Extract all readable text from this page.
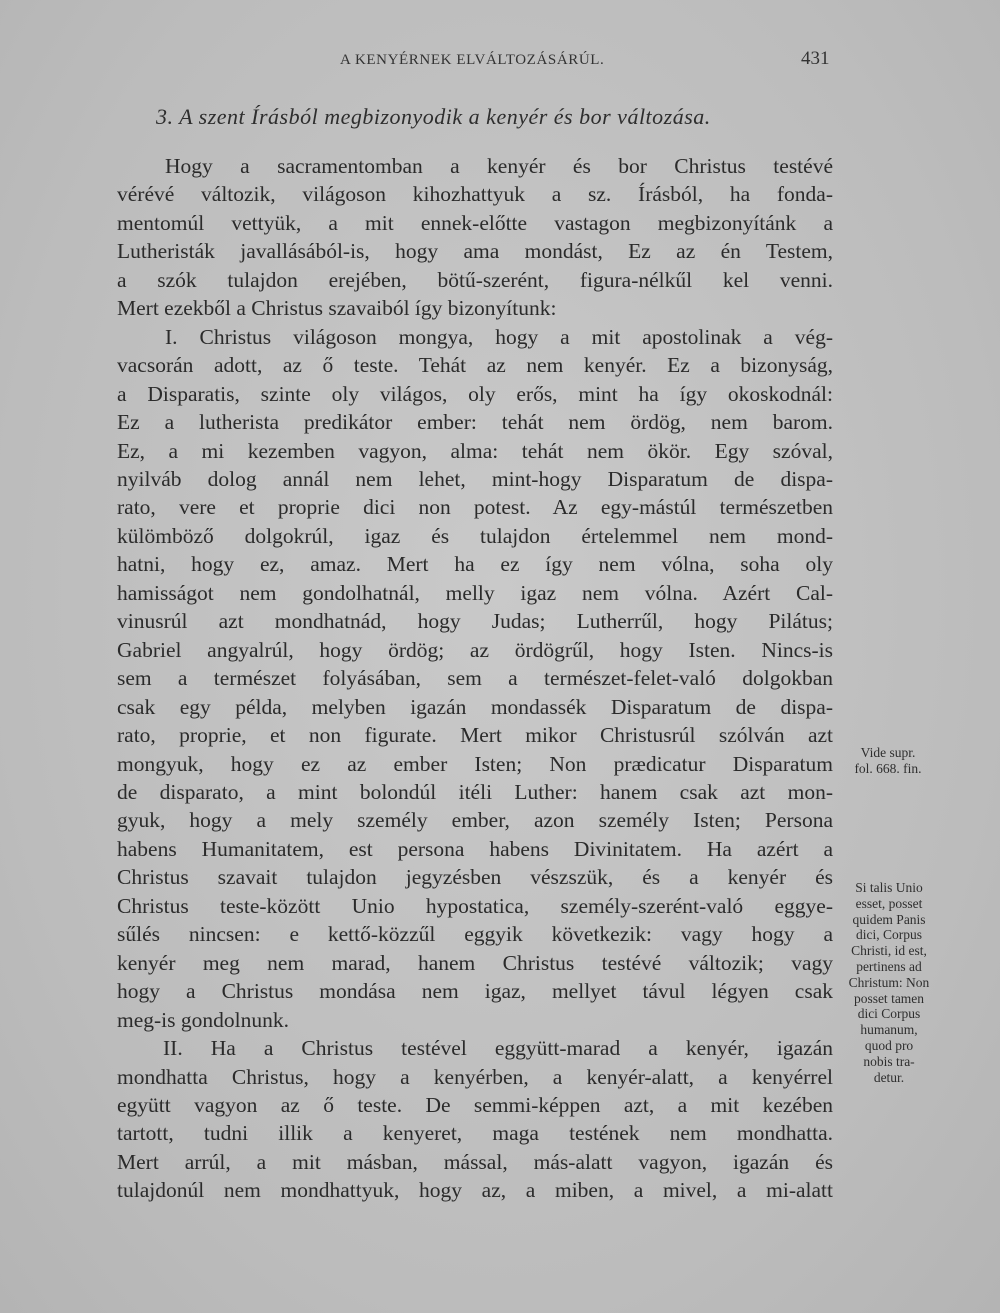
A KENYÉRNEK ELVÁLTOZÁSÁRÚL.	431
3. A szent Írásból megbizonyodik a kenyér és bor változása.
Hogy a sacramentomban a kenyér és bor Christus testévé
vérévé változik, világoson kihozhattyuk a sz. Írásból, ha fonda-
mentomúl vettyük, a mit ennek-előtte vastagon megbizonyítánk a
Lutheristák javallásából-is, hogy ama mondást, Ez az én Testem,
a szók tulajdon erejében, bötű-szerént, figura-nélkűl kel venni.
Mert ezekből a Christus szavaiból így bizonyítunk:
I. Christus világoson mongya, hogy a mit apostolinak a vég-
vacsorán adott, az ő teste. Tehát az nem kenyér. Ez a bizonyság,
a Disparatis, szinte oly világos, oly erős, mint ha így okoskodnál:
Ez a lutherista predikátor ember: tehát nem ördög, nem barom.
Ez, a mi kezemben vagyon, alma: tehát nem ökör. Egy szóval,
nyilváb dolog annál nem lehet, mint-hogy Disparatum de dispa-
rato, vere et proprie dici non potest. Az egy-mástúl természetben
külömböző dolgokrúl, igaz és tulajdon értelemmel nem mond-
hatni, hogy ez, amaz. Mert ha ez így nem vólna, soha oly
hamisságot nem gondolhatnál, melly igaz nem vólna. Azért Cal-
vinusrúl azt mondhatnád, hogy Judas; Lutherrűl, hogy Pilátus;
Gabriel angyalrúl, hogy ördög; az ördögrűl, hogy Isten. Nincs-is
sem a természet folyásában, sem a természet-felet-való dolgokban
csak egy példa, melyben igazán mondassék Disparatum de dispa-
rato, proprie, et non figurate. Mert mikor Christusrúl szólván azt
mongyuk, hogy ez az ember Isten; Non prædicatur Disparatum
de disparato, a mint bolondúl itéli Luther: hanem csak azt mon-
gyuk, hogy a mely személy ember, azon személy Isten; Persona
habens Humanitatem, est persona habens Divinitatem. Ha azért a
Christus szavait tulajdon jegyzésben vészszük, és a kenyér és
Christus teste-között Unio hypostatica, személy-szerént-való eggye-
sűlés nincsen: e kettő-közzűl eggyik következik: vagy hogy a
kenyér meg nem marad, hanem Christus testévé változik; vagy
hogy a Christus mondása nem igaz, mellyet távul légyen csak
meg-is gondolnunk.
II. Ha a Christus testével eggyütt-marad a kenyér, igazán
mondhatta Christus, hogy a kenyérben, a kenyér-alatt, a kenyérrel
együtt vagyon az ő teste. De semmi-képpen azt, a mit kezében
tartott, tudni illik a kenyeret, maga testének nem mondhatta.
Mert arrúl, a mit másban, mással, más-alatt vagyon, igazán és
tulajdonúl nem mondhattyuk, hogy az, a miben, a mivel, a mi-alatt
Vide supr.
fol. 668. fin.
Si talis Unio
esset, posset
quidem Panis
dici, Corpus
Christi, id est,
pertinens ad
Christum: Non
posset tamen
dici Corpus
humanum,
quod pro
nobis tra-
detur.
